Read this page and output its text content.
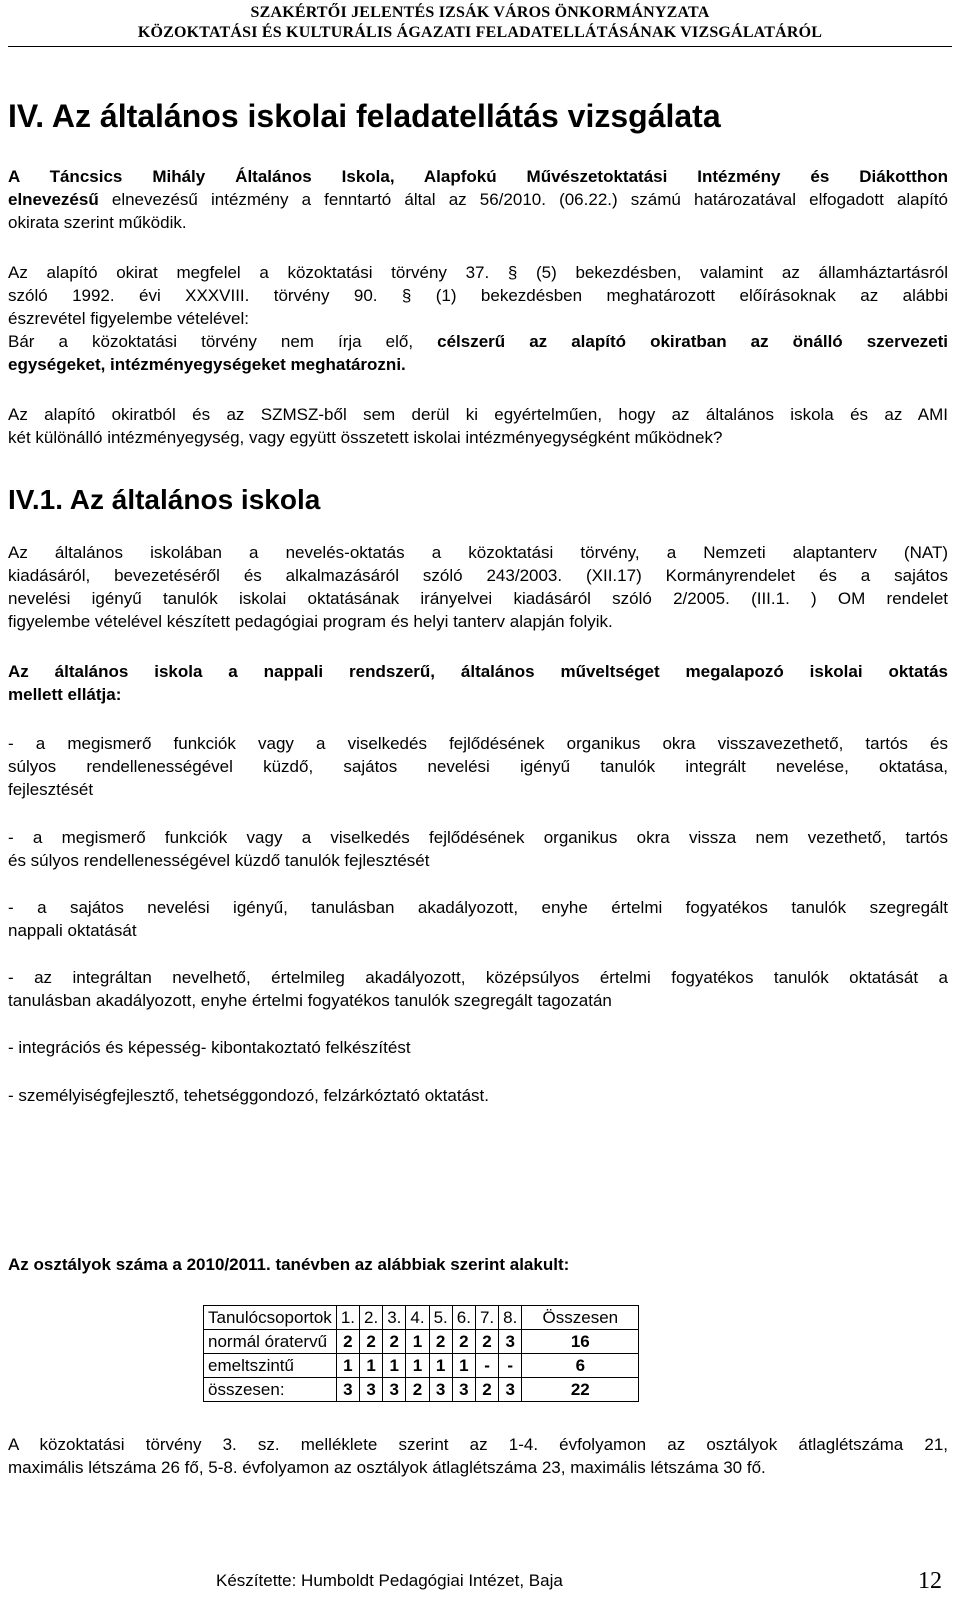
SZAKÉRTŐI JELENTÉS IZSÁK VÁROS ÖNKORMÁNYZATA
KÖZOKTATÁSI ÉS KULTURÁLIS ÁGAZATI FELADATELLÁTÁSÁNAK VIZSGÁLATÁRÓL
IV. Az általános iskolai feladatellátás vizsgálata
A Táncsics Mihály Általános Iskola, Alapfokú Művészetoktatási Intézmény és Diákotthon
elnevezésű elnevezésű intézmény a fenntartó által az 56/2010. (06.22.) számú határozatával elfogadott alapító
okirata szerint működik.
Az alapító okirat megfelel a közoktatási törvény 37. § (5) bekezdésben, valamint az államháztartásról
szóló 1992. évi XXXVIII. törvény 90. § (1) bekezdésben meghatározott előírásoknak az alábbi
észrevétel figyelembe vételével:
Bár a közoktatási törvény nem írja elő, célszerű az alapító okiratban az önálló szervezeti
egységeket, intézményegységeket meghatározni.
Az alapító okiratból és az SZMSZ-ből sem derül ki egyértelműen, hogy az általános iskola és az AMI
két különálló intézményegység, vagy együtt összetett iskolai intézményegységként működnek?
IV.1. Az általános iskola
Az általános iskolában a nevelés-oktatás a közoktatási törvény, a Nemzeti alaptanterv (NAT)
kiadásáról, bevezetéséről és alkalmazásáról szóló 243/2003. (XII.17) Kormányrendelet és a sajátos
nevelési igényű tanulók iskolai oktatásának irányelvei kiadásáról szóló 2/2005. (III.1. ) OM rendelet
figyelembe vételével készített pedagógiai program és helyi tanterv alapján folyik.
Az általános iskola a nappali rendszerű, általános műveltséget megalapozó iskolai oktatás
mellett ellátja:
- a megismerő funkciók vagy a viselkedés fejlődésének organikus okra visszavezethető, tartós és
súlyos rendellenességével küzdő, sajátos nevelési igényű tanulók integrált nevelése, oktatása,
fejlesztését
- a megismerő funkciók vagy a viselkedés fejlődésének organikus okra vissza nem vezethető, tartós
és súlyos rendellenességével küzdő tanulók fejlesztését
- a sajátos nevelési igényű, tanulásban akadályozott, enyhe értelmi fogyatékos tanulók szegregált
nappali oktatását
- az integráltan nevelhető, értelmileg akadályozott, középsúlyos értelmi fogyatékos tanulók oktatását a
tanulásban akadályozott, enyhe értelmi fogyatékos tanulók szegregált tagozatán
- integrációs és képesség- kibontakoztató felkészítést
- személyiségfejlesztő, tehetséggondozó, felzárkóztató oktatást.
Az osztályok száma a 2010/2011. tanévben az alábbiak szerint alakult:
Tanulócsoportok	1.	2.	3.	4.	5.	6.	7.	8.	Összesen
normál óratervű	2	2	2	1	2	2	2	3	16
emeltszintű	1	1	1	1	1	1	-	-	6
összesen:	3	3	3	2	3	3	2	3	22
A közoktatási törvény 3. sz. melléklete szerint az 1-4. évfolyamon az osztályok átlaglétszáma 21,
maximális létszáma 26 fő, 5-8. évfolyamon az osztályok átlaglétszáma 23, maximális létszáma 30 fő.
Készítette: Humboldt Pedagógiai Intézet, Baja	12
